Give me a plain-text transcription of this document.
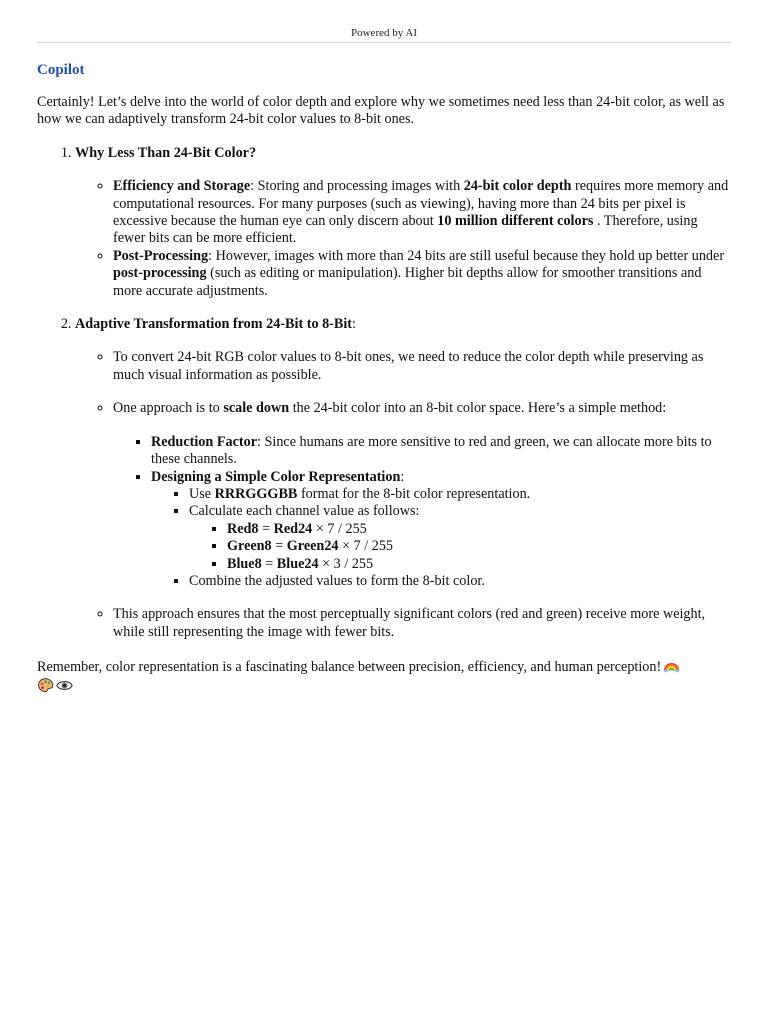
Powered by AI
Copilot

Certainly! Let’s delve into the world of color depth and explore why we sometimes need less than 24-bit color, as well as how we can adaptively transform 24-bit color values to 8-bit ones.

1. Why Less Than 24-Bit Color?
◦ Efficiency and Storage: Storing and processing images with 24-bit color depth requires more memory and computational resources. For many purposes (such as viewing), having more than 24 bits per pixel is excessive because the human eye can only discern about 10 million different colors . Therefore, using fewer bits can be more efficient.
◦ Post-Processing: However, images with more than 24 bits are still useful because they hold up better under post-processing (such as editing or manipulation). Higher bit depths allow for smoother transitions and more accurate adjustments.
2. Adaptive Transformation from 24-Bit to 8-Bit:
◦ To convert 24-bit RGB color values to 8-bit ones, we need to reduce the color depth while preserving as much visual information as possible.
◦ One approach is to scale down the 24-bit color into an 8-bit color space. Here’s a simple method:
▪ Reduction Factor: Since humans are more sensitive to red and green, we can allocate more bits to these channels.
▪ Designing a Simple Color Representation:
▪ Use RRRGGGBB format for the 8-bit color representation.
▪ Calculate each channel value as follows:
▪ Red8 = Red24 × 7 / 255
▪ Green8 = Green24 × 7 / 255
▪ Blue8 = Blue24 × 3 / 255
▪ Combine the adjusted values to form the 8-bit color.
◦ This approach ensures that the most perceptually significant colors (red and green) receive more weight, while still representing the image with fewer bits.

Remember, color representation is a fascinating balance between precision, efficiency, and human perception!
